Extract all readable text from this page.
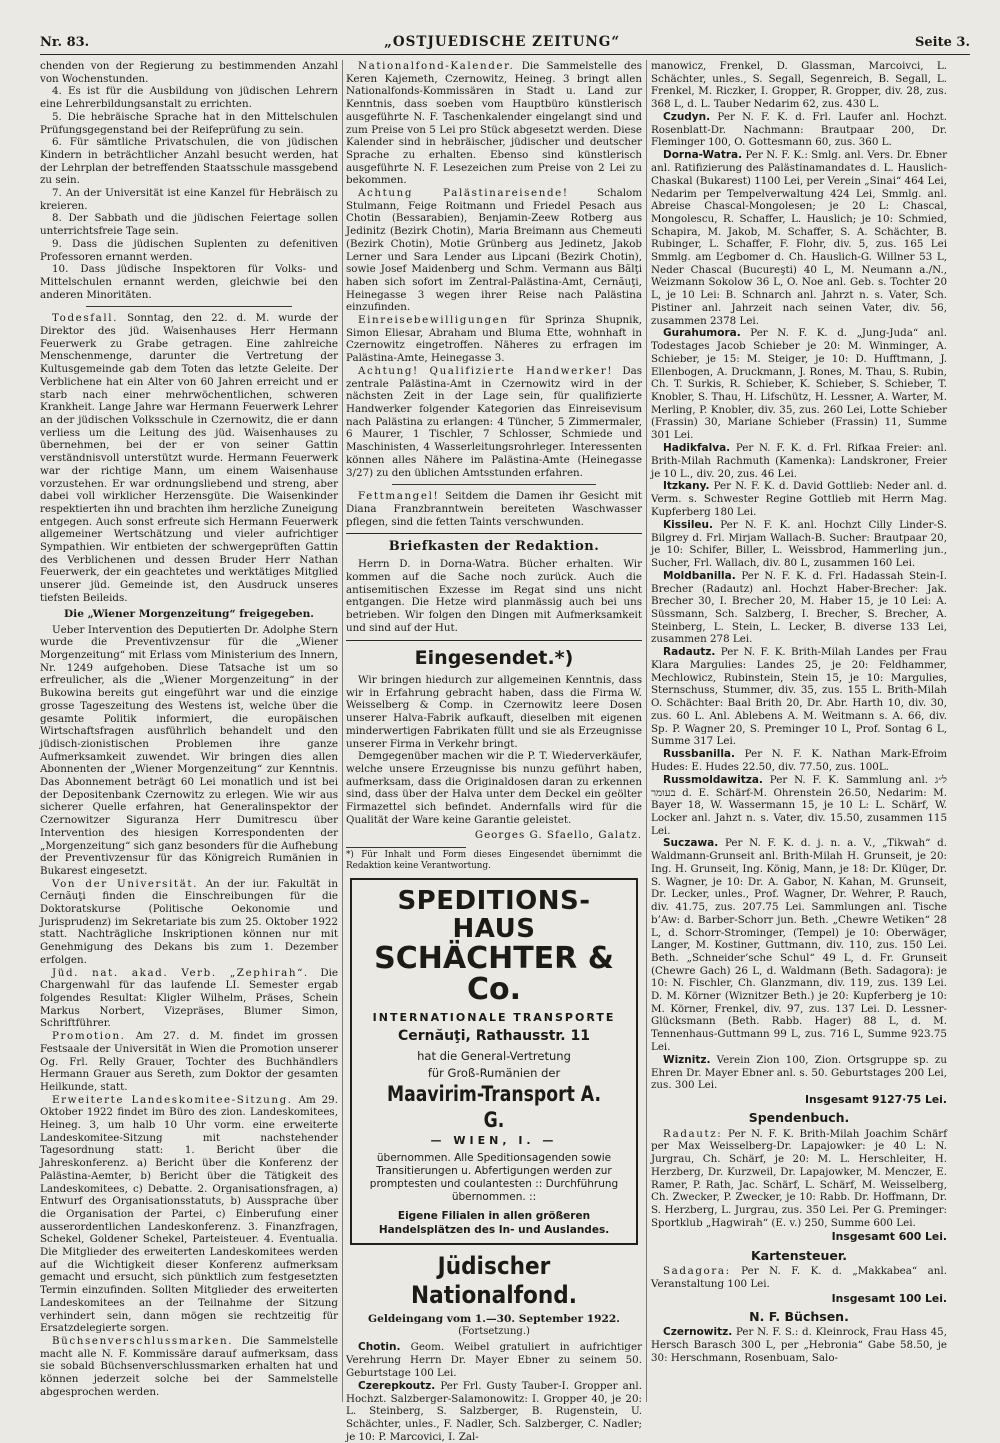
Nr. 83.	„OSTJUEDISCHE ZEITUNG“	Seite 3.

chenden von der Regierung zu bestimmenden Anzahl von Wochenstunden.

4. Es ist für die Ausbildung von jüdischen Lehrern eine Lehrerbildungsanstalt zu errichten.

5. Die hebräische Sprache hat in den Mittelschulen Prüfungsgegenstand bei der Reifeprüfung zu sein.

6. Für sämtliche Privatschulen, die von jüdischen Kindern in beträchtlicher Anzahl besucht werden, hat der Lehrplan der betreffenden Staatsschule massgebend zu sein.

7. An der Universität ist eine Kanzel für Hebräisch zu kreieren.

8. Der Sabbath und die jüdischen Feiertage sollen unterrichtsfreie Tage sein.

9. Dass die jüdischen Suplenten zu defenitiven Professoren ernannt werden.

10. Dass jüdische Inspektoren für Volks- und Mittelschulen ernannt werden, gleichwie bei den anderen Minoritäten.

Todesfall. Sonntag, den 22. d. M. wurde der Direktor des jüd. Waisenhauses Herr Hermann Feuerwerk zu Grabe getragen. Eine zahlreiche Menschenmenge, darunter die Vertretung der Kultusgemeinde gab dem Toten das letzte Geleite. Der Verblichene hat ein Alter von 60 Jahren erreicht und er starb nach einer mehrwöchentlichen, schweren Krankheit. Lange Jahre war Hermann Feuerwerk Lehrer an der jüdischen Volksschule in Czernowitz, die er dann verliess um die Leitung des jüd. Waisenhauses zu übernehmen, bei der er von seiner Gattin verständnisvoll unterstützt wurde. Hermann Feuerwerk war der richtige Mann, um einem Waisenhause vorzustehen. Er war ordnungsliebend und streng, aber dabei voll wirklicher Herzensgüte. Die Waisenkinder respektierten ihn und brachten ihm herzliche Zuneigung entgegen. Auch sonst erfreute sich Hermann Feuerwerk allgemeiner Wertschätzung und vieler aufrichtiger Sympathien. Wir entbieten der schwergeprüften Gattin des Verblichenen und dessen Bruder Herr Nathan Feuerwerk, der ein geachtetes und werktätiges Mitglied unserer jüd. Gemeinde ist, den Ausdruck unseres tiefsten Beileids.

Die „Wiener Morgenzeitung“ freigegeben.

Ueber Intervention des Deputierten Dr. Adolphe Stern wurde die Preventivzensur für die „Wiener Morgenzeitung“ mit Erlass vom Ministerium des Innern, Nr. 1249 aufgehoben. Diese Tatsache ist um so erfreulicher, als die „Wiener Morgenzeitung“ in der Bukowina bereits gut eingeführt war und die einzige grosse Tageszeitung des Westens ist, welche über die gesamte Politik informiert, die europäischen Wirtschaftsfragen ausführlich behandelt und den jüdisch-zionistischen Problemen ihre ganze Aufmerksamkeit zuwendet. Wir bringen dies allen Abonnenten der „Wiener Morgenzeitung“ zur Kenntnis. Das Abonnement beträgt 60 Lei monatlich und ist bei der Depositenbank Czernowitz zu erlegen. Wie wir aus sicherer Quelle erfahren, hat Generalinspektor der Czernowitzer Siguranza Herr Dumitrescu über Intervention des hiesigen Korrespondenten der „Morgenzeitung“ sich ganz besonders für die Aufhebung der Preventivzensur für das Königreich Rumänien in Bukarest eingesetzt.

Von der Universität. An der iur. Fakultät in Cernăuţi finden die Einschreibungen für die Doktoratskurse (Politische Oekonomie und Jurisprudenz) im Sekretariate bis zum 25. Oktober 1922 statt. Nachträgliche Inskriptionen können nur mit Genehmigung des Dekans bis zum 1. Dezember erfolgen.

Jüd. nat. akad. Verb. „Zephirah“. Die Chargenwahl für das laufende LI. Semester ergab folgendes Resultat: Kligler Wilhelm, Präses, Schein Markus Norbert, Vizepräses, Blumer Simon, Schriftführer.

Promotion. Am 27. d. M. findet im grossen Festsaale der Universität in Wien die Promotion unserer Og. Frl. Relly Grauer, Tochter des Buchhändlers Hermann Grauer aus Sereth, zum Doktor der gesamten Heilkunde, statt.

Erweiterte Landeskomitee-Sitzung. Am 29. Oktober 1922 findet im Büro des zion. Landeskomitees, Heineg. 3, um halb 10 Uhr vorm. eine erweiterte Landeskomitee-Sitzung mit nachstehender Tagesordnung statt: 1. Bericht über die Jahreskonferenz. a) Bericht über die Konferenz der Palästina-Aemter, b) Bericht über die Tätigkeit des Landeskomitees, c) Debatte. 2. Organisationsfragen, a) Entwurf des Organisationsstatuts, b) Aussprache über die Organisation der Partei, c) Einberufung einer ausserordentlichen Landeskonferenz. 3. Finanzfragen, Schekel, Goldener Schekel, Parteisteuer. 4. Eventualia. Die Mitglieder des erweiterten Landeskomitees werden auf die Wichtigkeit dieser Konferenz aufmerksam gemacht und ersucht, sich pünktlich zum festgesetzten Termin einzufinden. Sollten Mitglieder des erweiterten Landeskomitees an der Teilnahme der Sitzung verhindert sein, dann mögen sie rechtzeitig für Ersatzdelegierte sorgen.

Büchsenverschlussmarken. Die Sammelstelle macht alle N. F. Kommissäre darauf aufmerksam, dass sie sobald Büchsenverschlussmarken erhalten hat und können jederzeit solche bei der Sammelstelle abgesprochen werden.

Nationalfond-Kalender. Die Sammelstelle des Keren Kajemeth, Czernowitz, Heineg. 3 bringt allen Nationalfonds-Kommissären in Stadt u. Land zur Kenntnis, dass soeben vom Hauptbüro künstlerisch ausgeführte N. F. Taschenkalender eingelangt sind und zum Preise von 5 Lei pro Stück abgesetzt werden. Diese Kalender sind in hebräischer, jüdischer und deutscher Sprache zu erhalten. Ebenso sind künstlerisch ausgeführte N. F. Lesezeichen zum Preise von 2 Lei zu bekommen.

Achtung Palästinareisende!	Schalom Stulmann, Feige Roitmann und Friedel Pesach aus Chotin (Bessarabien), Benjamin-Zeew Rotberg aus Jedinitz (Bezirk Chotin), Maria Breimann aus Chemeuti (Bezirk Chotin), Motie Grünberg aus Jedinetz, Jakob Lerner und Sara Lender aus Lipcani (Bezirk Chotin), sowie Josef Maidenberg und Schm. Vermann aus Bălţi haben sich sofort im Zentral-Palästina-Amt, Cernăuţi, Heinegasse 3 wegen ihrer Reise nach Palästina einzufinden.

Einreisebewilligungen für Sprinza Shupnik, Simon Eliesar, Abraham und Bluma Ette, wohnhaft in Czernowitz eingetroffen. Näheres zu erfragen im Palästina-Amte, Heinegasse 3.

Achtung! Qualifizierte Handwerker! Das zentrale Palästina-Amt in Czernowitz wird in der nächsten Zeit in der Lage sein, für qualifizierte Handwerker folgender Kategorien das Einreisevisum nach Palästina zu erlangen: 4 Tüncher, 5 Zimmermaler, 6 Maurer, 1 Tischler, 7 Schlosser, Schmiede und Maschinisten, 4 Wasserleitungsrohrleger. Interessenten können alles Nähere im Palästina-Amte (Heinegasse 3/27) zu den üblichen Amtsstunden erfahren.

Fettmangel! Seitdem die Damen ihr Gesicht mit Diana Franzbranntwein bereiteten Waschwasser pflegen, sind die fetten Taints verschwunden.

Briefkasten der Redaktion.

Herrn D. in Dorna-Watra. Bücher erhalten. Wir kommen auf die Sache noch zurück. Auch die antisemitischen Exzesse im Regat sind uns nicht entgangen. Die Hetze wird planmässig auch bei uns betrieben. Wir folgen den Dingen mit Aufmerksamkeit und sind auf der Hut.

Eingesendet.*)

Wir bringen hiedurch zur allgemeinen Kenntnis, dass wir in Erfahrung gebracht haben, dass die Firma W. Weisselberg & Comp. in Czernowitz leere Dosen unserer Halva-Fabrik aufkauft, dieselben mit eigenen minderwertigen Fabrikaten füllt und sie als Erzeugnisse unserer Firma in Verkehr bringt.

Demgegenüber machen wir die P. T. Wiederverkäufer, welche unsere Erzeugnisse bis nunzu geführt haben, aufmerksam, dass die Originaldosen daran zu erkennen sind, dass über der Halva unter dem Deckel ein geölter Firmazettel sich befindet. Andernfalls wird für die Qualität der Ware keine Garantie geleistet.

Georges G. Sfaello, Galatz.
*) Für Inhalt und Form dieses Eingesendet übernimmt die Redaktion keine Verantwortung.
SPEDITIONS-HAUS
SCHÄCHTER & Co.
INTERNATIONALE TRANSPORTE
Cernăuţi, Rathausstr. 11
hat die General-Vertretung
für Groß-Rumänien der
Maavirim-Transport A. G.
— WIEN, I. —
übernommen. Alle Speditionsagenden sowie Transitierungen u. Abfertigungen werden zur promptesten und coulantesten :: Durchführung übernommen. ::
Eigene Filialen in allen größeren Handelsplätzen des In- und Auslandes.
Jüdischer Nationalfond.
Geldeingang vom 1.—30. September 1922.
(Fortsetzung.)

Chotin. Geom. Weibel gratuliert in aufrichtiger Verehrung Herrn Dr. Mayer Ebner zu seinem 50. Geburtstage 100 Lei.

Czerepkoutz. Per Frl. Gusty Tauber-I. Gropper anl. Hochzt. Salzberger-Salamonowitz: I. Gropper 40, je 20: L. Steinberg, S. Salzberger, B. Rugenstein, U. Schächter, unles., F. Nadler, Sch. Salzberger, C. Nadler; je 10: P. Marcovici, I. Zal-

manowicz, Frenkel, D. Glassman, Marcoivci, L. Schächter, unles., S. Segall, Segenreich, B. Segall, L. Frenkel, M. Riczker, I. Gropper, R. Gropper, div. 28, zus. 368 L, d. L. Tauber Nedarim 62, zus. 430 L.

Czudyn. Per N. F. K. d. Frl. Laufer anl. Hochzt. Rosenblatt-Dr. Nachmann: Brautpaar 200, Dr. Fleminger 100, O. Gottesmann 60, zus. 360 L.

Dorna-Watra. Per N. F. K.: Smlg. anl. Vers. Dr. Ebner anl. Ratifizierung des Palästinamandates d. L. Hauslich-Chaskal (Bukarest) 1100 Lei, per Verein „Sinai“ 464 Lei, Nedarim per Tempelverwaltung 424 Lei, Smmlg. anl. Abreise Chascal-Mongolesen; je 20 L: Chascal, Mongolescu, R. Schaffer, L. Hauslich; je 10: Schmied, Schapira, M. Jakob, M. Schaffer, S. A. Schächter, B. Rubinger, L. Schaffer, F. Flohr, div. 5, zus. 165 Lei Smmlg. am L’egbomer d. Ch. Hauslich-G. Willner 53 L, Neder Chascal (Bucureşti) 40 L, M. Neumann a./N., Weizmann Sokolow 36 L, O. Noe anl. Geb. s. Tochter 20 L, je 10 Lei: B. Schnarch anl. Jahrzt n. s. Vater, Sch. Pistiner anl. Jahrzeit nach seinen Vater, div. 56, zusammen 2378 Lei.

Gurahumora. Per N. F. K. d. „Jung-Juda“ anl. Todestages Jacob Schieber je 20: M. Winminger, A. Schieber, je 15: M. Steiger, je 10: D. Hufftmann, J. Ellenbogen, A. Druckmann, J. Rones, M. Thau, S. Rubin, Ch. T. Surkis, R. Schieber, K. Schieber, S. Schieber, T. Knobler, S. Thau, H. Lifschütz, H. Lessner, A. Warter, M. Merling, P. Knobler, div. 35, zus. 260 Lei, Lotte Schieber (Frassin) 30, Mariane Schieber (Frassin) 11, Summe 301 Lei.

Hadikfalva. Per N. F. K. d. Frl. Rifkaa Freier: anl. Brith-Milah Rachmuth (Kamenka): Landskroner, Freier je 10 L., div. 20, zus. 46 Lei.

Itzkany. Per N. F. K. d. David Gottlieb: Neder anl. d. Verm. s. Schwester Regine Gottlieb mit Herrn Mag. Kupferberg 180 Lei.

Kissileu. Per N. F. K. anl. Hochzt Cilly Linder-S. Bilgrey d. Frl. Mirjam Wallach-B. Sucher: Brautpaar 20, je 10: Schifer, Biller, L. Weissbrod, Hammerling jun., Sucher, Frl. Wallach, div. 80 L, zusammen 160 Lei.

Moldbanilla. Per N. F. K. d. Frl. Hadassah Stein-I. Brecher (Radautz) anl. Hochzt Haber-Brecher: Jak. Brecher 30, I. Brecher 20, M. Haber 15, je 10 Lei: A. Süssmann, Sch. Salzberg, I. Brecher, S. Brecher, A. Steinberg, L. Stein, L. Lecker, B. diverse 133 Lei, zusammen 278 Lei.

Radautz. Per N. F. K. Brith-Milah Landes per Frau Klara Margulies: Landes 25, je 20: Feldhammer, Mechlowicz, Rubinstein, Stein 15, je 10: Margulies, Sternschuss, Stummer, div. 35, zus. 155 L. Brith-Milah O. Schächter: Baal Brith 20, Dr. Abr. Harth 10, div. 30, zus. 60 L. Anl. Ablebens A. M. Weitmann s. A. 66, div. Sp. P. Wagner 20, S. Preminger 10 L, Prof. Sontag 6 L, Summe 317 Lei.

Russbanilla. Per N. F. K. Nathan Mark-Efroim Hudes: E. Hudes 22.50, div. 77.50, zus. 100L.

Russmoldawitza. Per N. F. K. Sammlung anl. ל״ג בעומר d. E. Schärf-M. Ohrenstein 26.50, Nedarim: M. Bayer 18, W. Wassermann 15, je 10 L: L. Schärf, W. Locker anl. Jahzt n. s. Vater, div. 15.50, zusammen 115 Lei.

Suczawa. Per N. F. K. d. j. n. a. V., „Tikwah“ d. Waldmann-Grunseit anl. Brith-Milah H. Grunseit, je 20: Ing. H. Grunseit, Ing. König, Mann, je 18: Dr. Klüger, Dr. S. Wagner, je 10: Dr. A. Gabor, N. Kahan, M. Grunseit, Dr. Lecker, unles., Prof. Wagner, Dr. Wehrer, P. Rauch, div. 41.75, zus. 207.75 Lei. Sammlungen anl. Tische b’Aw: d. Barber-Schorr jun. Beth. „Chewre Wetiken“ 28 L, d. Schorr-Strominger, (Tempel) je 10: Oberwäger, Langer, M. Kostiner, Guttmann, div. 110, zus. 150 Lei. Beth. „Schneider’sche Schul“ 49 L, d. Fr. Grunseit (Chewre Gach) 26 L, d. Waldmann (Beth. Sadagora): je 10: N. Fischler, Ch. Glanzmann, div. 119, zus. 139 Lei. D. M. Körner (Wiznitzer Beth.) je 20: Kupferberg je 10: M. Körner, Frenkel, div. 97, zus. 137 Lei. D. Lessner-Glücksmann (Beth. Rabb. Hager) 88 L, d. M. Tennenhaus-Guttmann 99 L, zus. 716 L, Summe 923.75 Lei.

Wiznitz. Verein Zion 100, Zion. Ortsgruppe sp. zu Ehren Dr. Mayer Ebner anl. s. 50. Geburtstages 200 Lei, zus. 300 Lei.

Insgesamt 9127·75 Lei.
Spendenbuch.

Radautz: Per N. F. K. Brith-Milah Joachim Schärf per Max Weisselberg-Dr. Lapajowker: je 40 L: N. Jurgrau, Ch. Schärf, je 20: M. L. Herschleiter, H. Herzberg, Dr. Kurzweil, Dr. Lapajowker, M. Menczer, E. Ramer, P. Rath, Jac. Schärf, L. Schärf, M. Weisselberg, Ch. Zwecker, P. Zwecker, je 10: Rabb. Dr. Hoffmann, Dr. S. Herzberg, L. Jurgrau, zus. 350 Lei. Per G. Preminger: Sportklub „Hagwirah“ (E. v.) 250, Summe 600 Lei.

Insgesamt 600 Lei.
Kartensteuer.

Sadagora: Per N. F. K. d. „Makkabea“ anl. Veranstaltung 100 Lei.

Insgesamt 100 Lei.
N. F. Büchsen.

Czernowitz. Per N. F. S.: d. Kleinrock, Frau Hass 45, Hersch Barasch 300 L, per „Hebronia“ Gabe 58.50, je 30: Herschmann, Rosenbuam, Salo-
